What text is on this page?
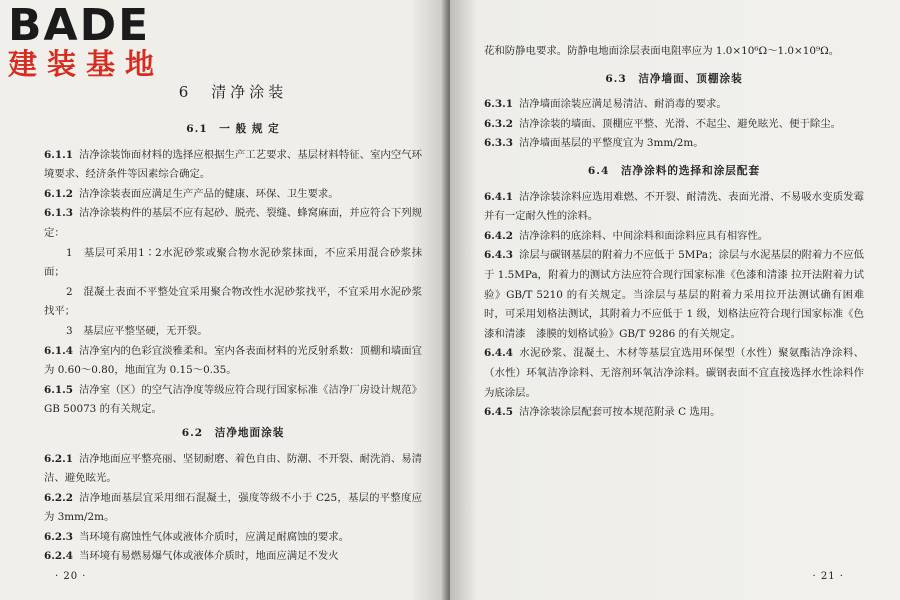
BADE
建装基地
6　清净涂装
6.1　一 般 规 定

6.1.1 洁净涂装饰面材料的选择应根据生产工艺要求、基层材料特征、室内空气环境要求、经济条件等因素综合确定。

6.1.2 洁净涂装表面应满足生产产品的健康、环保、卫生要求。

6.1.3 洁净涂装构件的基层不应有起砂、脱壳、裂缝、蜂窝麻面，并应符合下列规定：

1　基层可采用1∶2水泥砂浆或聚合物水泥砂浆抹面，不应采用混合砂浆抹面；

2　混凝土表面不平整处宜采用聚合物改性水泥砂浆找平，不宜采用水泥砂浆找平；

3　基层应平整坚硬，无开裂。

6.1.4 洁净室内的色彩宜淡雅柔和。室内各表面材料的光反射系数：顶棚和墙面宜为 0.60～0.80，地面宜为 0.15～0.35。

6.1.5 洁净室（区）的空气洁净度等级应符合现行国家标准《洁净厂房设计规范》GB 50073 的有关规定。

6.2　洁净地面涂装

6.2.1 洁净地面应平整亮丽、坚韧耐磨、着色自由、防潮、不开裂、耐洗消、易清洁、避免眩光。

6.2.2 洁净地面基层宜采用细石混凝土，强度等级不小于 C25，基层的平整度应为 3mm/2m。

6.2.3 当环境有腐蚀性气体或液体介质时，应满足耐腐蚀的要求。

6.2.4 当环境有易燃易爆气体或液体介质时，地面应满足不发火

· 20 ·

花和防静电要求。防静电地面涂层表面电阻率应为 1.0×10⁶Ω～1.0×10⁹Ω。

6.3　洁净墙面、顶棚涂装

6.3.1 洁净墙面涂装应满足易清洁、耐消毒的要求。

6.3.2 洁净涂装的墙面、顶棚应平整、光滑、不起尘、避免眩光、便于除尘。

6.3.3 洁净墙面基层的平整度宜为 3mm/2m。

6.4　洁净涂料的选择和涂层配套

6.4.1 洁净涂装涂料应选用难燃、不开裂、耐清洗、表面光滑、不易吸水变质发霉并有一定耐久性的涂料。

6.4.2 洁净涂料的底涂料、中间涂料和面涂料应具有相容性。

6.4.3 涂层与碳钢基层的附着力不应低于 5MPa；涂层与水泥基层的附着力不应低于 1.5MPa，附着力的测试方法应符合现行国家标准《色漆和清漆 拉开法附着力试验》GB/T 5210 的有关规定。当涂层与基层的附着力采用拉开法测试确有困难时，可采用划格法测试，其附着力不应低于 1 级，划格法应符合现行国家标准《色漆和清漆　漆膜的划格试验》GB/T 9286 的有关规定。

6.4.4 水泥砂浆、混凝土、木材等基层宜选用环保型（水性）聚氨酯洁净涂料、（水性）环氧洁净涂料、无溶剂环氧洁净涂料。碳钢表面不宜直接选择水性涂料作为底涂层。

6.4.5 洁净涂装涂层配套可按本规范附录 C 选用。

· 21 ·
